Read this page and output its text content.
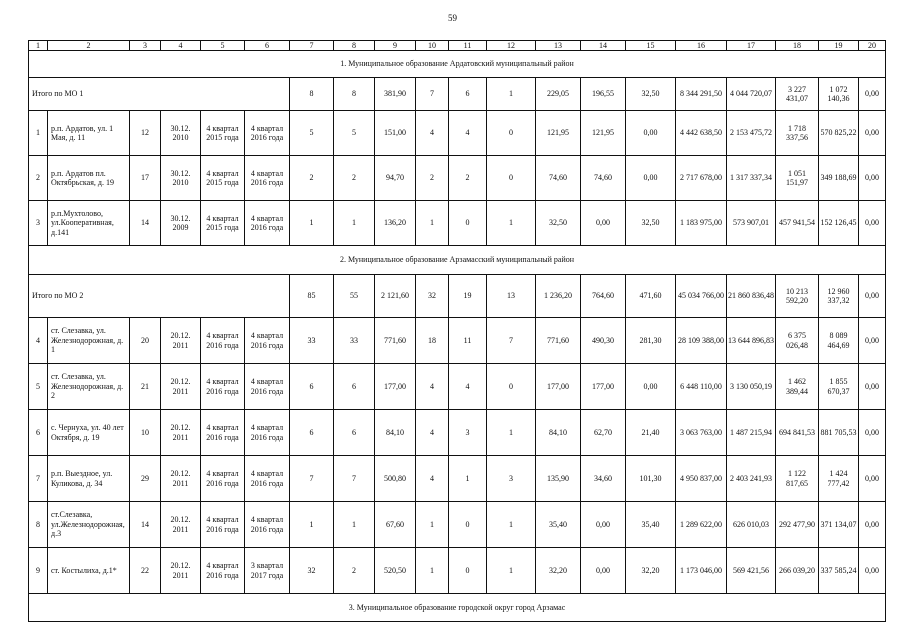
59
1	2	3	4	5	6	7	8	9	10	11	12	13	14	15	16	17	18	19	20
1. Муниципальное образование Ардатовский муниципальный район																			
Итого по МО 1						8	8	381,90	7	6	1	229,05	196,55	32,50	8 344 291,50	4 044 720,07	3 227 431,07	1 072 140,36	0,00
1	р.п. Ардатов, ул. 1 Мая, д. 11	12	30.12. 2010	4 квартал 2015 года	4 квартал 2016 года	5	5	151,00	4	4	0	121,95	121,95	0,00	4 442 638,50	2 153 475,72	1 718 337,56	570 825,22	0,00
2	р.п. Ардатов пл. Октябрьская, д. 19	17	30.12. 2010	4 квартал 2015 года	4 квартал 2016 года	2	2	94,70	2	2	0	74,60	74,60	0,00	2 717 678,00	1 317 337,34	1 051 151,97	349 188,69	0,00
3	р.п.Мухтолово, ул.Кооперативная, д.141	14	30.12. 2009	4 квартал 2015 года	4 квартал 2016 года	1	1	136,20	1	0	1	32,50	0,00	32,50	1 183 975,00	573 907,01	457 941,54	152 126,45	0,00
2. Муниципальное образование Арзамасский муниципальный район																			
Итого по МО 2						85	55	2 121,60	32	19	13	1 236,20	764,60	471,60	45 034 766,00	21 860 836,48	10 213 592,20	12 960 337,32	0,00
4	ст. Слезавка, ул. Железнодорожная, д. 1	20	20.12. 2011	4 квартал 2016 года	4 квартал 2016 года	33	33	771,60	18	11	7	771,60	490,30	281,30	28 109 388,00	13 644 896,83	6 375 026,48	8 089 464,69	0,00
5	ст. Слезавка, ул. Железнодорожная, д. 2	21	20.12. 2011	4 квартал 2016 года	4 квартал 2016 года	6	6	177,00	4	4	0	177,00	177,00	0,00	6 448 110,00	3 130 050,19	1 462 389,44	1 855 670,37	0,00
6	с. Чернуха, ул. 40 лет Октября, д. 19	10	20.12. 2011	4 квартал 2016 года	4 квартал 2016 года	6	6	84,10	4	3	1	84,10	62,70	21,40	3 063 763,00	1 487 215,94	694 841,53	881 705,53	0,00
7	р.п. Выездное, ул. Куликова, д. 34	29	20.12. 2011	4 квартал 2016 года	4 квартал 2016 года	7	7	500,80	4	1	3	135,90	34,60	101,30	4 950 837,00	2 403 241,93	1 122 817,65	1 424 777,42	0,00
8	ст.Слезавка, ул.Железнодорожная, д.3	14	20.12. 2011	4 квартал 2016 года	4 квартал 2016 года	1	1	67,60	1	0	1	35,40	0,00	35,40	1 289 622,00	626 010,03	292 477,90	371 134,07	0,00
9	ст. Костылиха, д.1*	22	20.12. 2011	4 квартал 2016 года	3 квартал 2017 года	32	2	520,50	1	0	1	32,20	0,00	32,20	1 173 046,00	569 421,56	266 039,20	337 585,24	0,00
3. Муниципальное образование городской округ город Арзамас																			
